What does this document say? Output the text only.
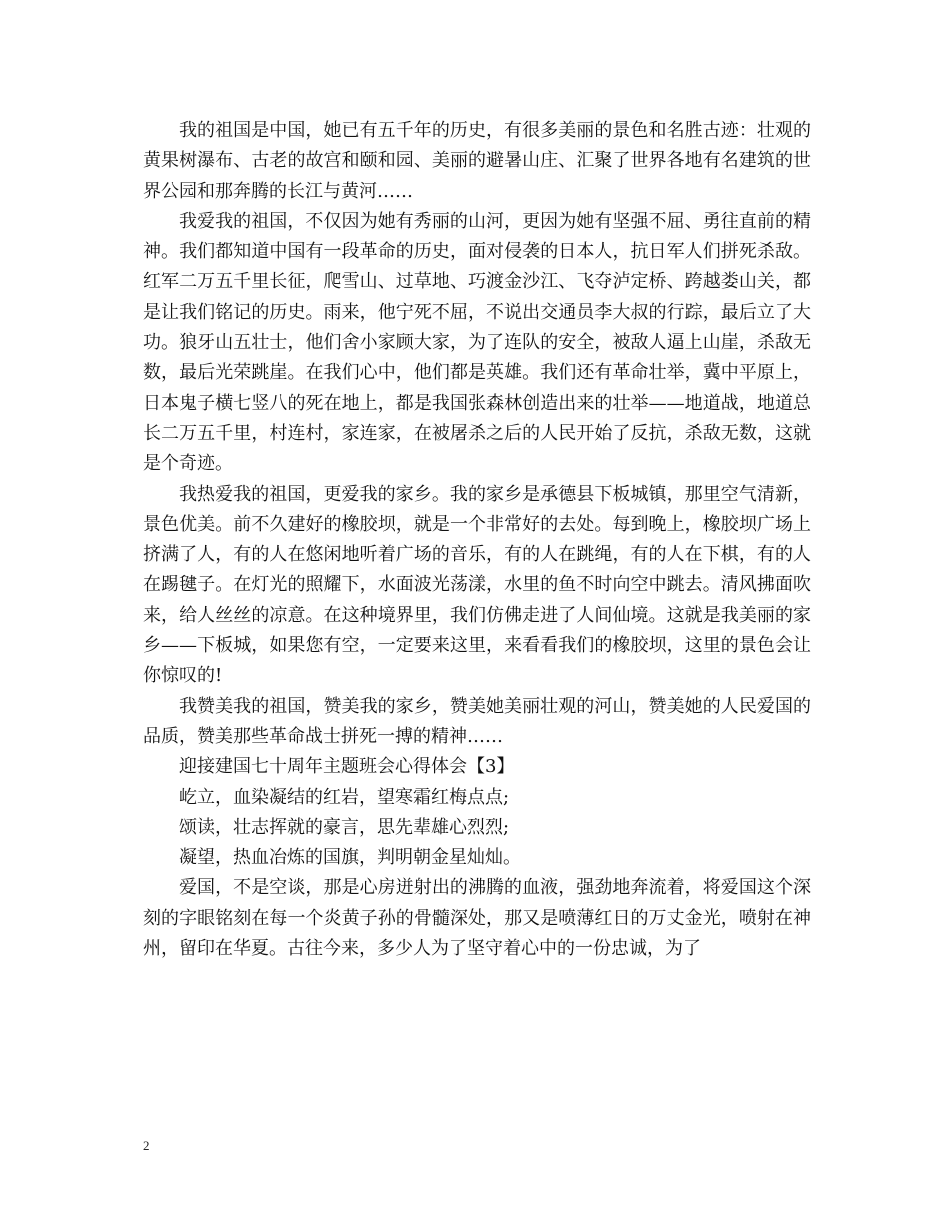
我的祖国是中国，她已有五千年的历史，有很多美丽的景色和名胜古迹：壮观的黄果树瀑布、古老的故宫和颐和园、美丽的避暑山庄、汇聚了世界各地有名建筑的世界公园和那奔腾的长江与黄河……

我爱我的祖国，不仅因为她有秀丽的山河，更因为她有坚强不屈、勇往直前的精神。我们都知道中国有一段革命的历史，面对侵袭的日本人，抗日军人们拼死杀敌。红军二万五千里长征，爬雪山、过草地、巧渡金沙江、飞夺泸定桥、跨越娄山关，都是让我们铭记的历史。雨来，他宁死不屈，不说出交通员李大叔的行踪，最后立了大功。狼牙山五壮士，他们舍小家顾大家，为了连队的安全，被敌人逼上山崖，杀敌无数，最后光荣跳崖。在我们心中，他们都是英雄。我们还有革命壮举，冀中平原上，日本鬼子横七竖八的死在地上，都是我国张森林创造出来的壮举——地道战，地道总长二万五千里，村连村，家连家，在被屠杀之后的人民开始了反抗，杀敌无数，这就是个奇迹。

我热爱我的祖国，更爱我的家乡。我的家乡是承德县下板城镇，那里空气清新，景色优美。前不久建好的橡胶坝，就是一个非常好的去处。每到晚上，橡胶坝广场上挤满了人，有的人在悠闲地听着广场的音乐，有的人在跳绳，有的人在下棋，有的人在踢毽子。在灯光的照耀下，水面波光荡漾，水里的鱼不时向空中跳去。清风拂面吹来，给人丝丝的凉意。在这种境界里，我们仿佛走进了人间仙境。这就是我美丽的家乡——下板城，如果您有空，一定要来这里，来看看我们的橡胶坝，这里的景色会让你惊叹的!

我赞美我的祖国，赞美我的家乡，赞美她美丽壮观的河山，赞美她的人民爱国的品质，赞美那些革命战士拼死一搏的精神……

迎接建国七十周年主题班会心得体会【3】

屹立，血染凝结的红岩，望寒霜红梅点点;

颂读，壮志挥就的豪言，思先辈雄心烈烈;

凝望，热血冶炼的国旗，判明朝金星灿灿。

爱国，不是空谈，那是心房迸射出的沸腾的血液，强劲地奔流着，将爱国这个深刻的字眼铭刻在每一个炎黄子孙的骨髓深处，那又是喷薄红日的万丈金光，喷射在神州，留印在华夏。古往今来，多少人为了坚守着心中的一份忠诚，为了

2
